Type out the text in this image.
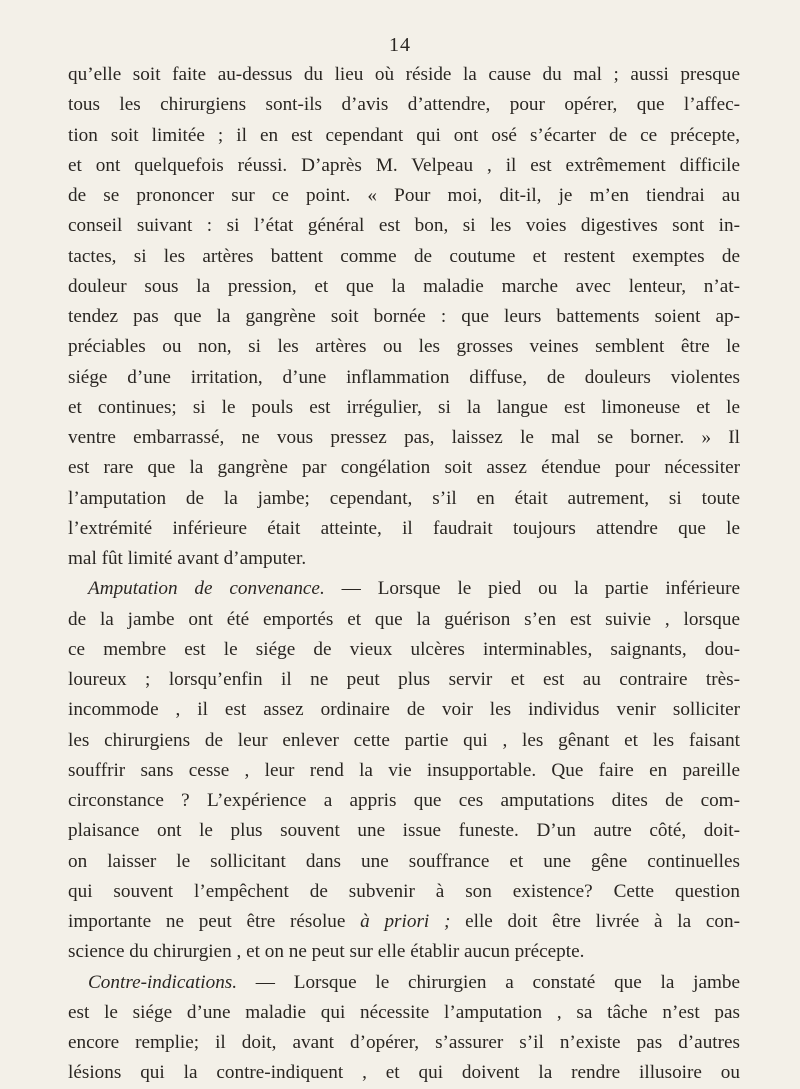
14
qu’elle soit faite au-dessus du lieu où réside la cause du mal ; aussi presque
tous les chirurgiens sont-ils d’avis d’attendre, pour opérer, que l’affec-
tion soit limitée ; il en est cependant qui ont osé s’écarter de ce précepte,
et ont quelquefois réussi. D’après M. Velpeau , il est extrêmement difficile
de se prononcer sur ce point. « Pour moi, dit-il, je m’en tiendrai au
conseil suivant : si l’état général est bon, si les voies digestives sont in-
tactes, si les artères battent comme de coutume et restent exemptes de
douleur sous la pression, et que la maladie marche avec lenteur, n’at-
tendez pas que la gangrène soit bornée : que leurs battements soient ap-
préciables ou non, si les artères ou les grosses veines semblent être le
siége d’une irritation, d’une inflammation diffuse, de douleurs violentes
et continues; si le pouls est irrégulier, si la langue est limoneuse et le
ventre embarrassé, ne vous pressez pas, laissez le mal se borner. » Il
est rare que la gangrène par congélation soit assez étendue pour nécessiter
l’amputation de la jambe; cependant, s’il en était autrement, si toute
l’extrémité inférieure était atteinte, il faudrait toujours attendre que le
mal fût limité avant d’amputer.
Amputation de convenance. — Lorsque le pied ou la partie inférieure
de la jambe ont été emportés et que la guérison s’en est suivie , lorsque
ce membre est le siége de vieux ulcères interminables, saignants, dou-
loureux ; lorsqu’enfin il ne peut plus servir et est au contraire très-
incommode , il est assez ordinaire de voir les individus venir solliciter
les chirurgiens de leur enlever cette partie qui , les gênant et les faisant
souffrir sans cesse , leur rend la vie insupportable. Que faire en pareille
circonstance ? L’expérience a appris que ces amputations dites de com-
plaisance ont le plus souvent une issue funeste. D’un autre côté, doit-
on laisser le sollicitant dans une souffrance et une gêne continuelles
qui souvent l’empêchent de subvenir à son existence? Cette question
importante ne peut être résolue à priori ; elle doit être livrée à la con-
science du chirurgien , et on ne peut sur elle établir aucun précepte.
Contre-indications. — Lorsque le chirurgien a constaté que la jambe
est le siége d’une maladie qui nécessite l’amputation , sa tâche n’est pas
encore remplie; il doit, avant d’opérer, s’assurer s’il n’existe pas d’autres
lésions qui la contre-indiquent , et qui doivent la rendre illusoire ou
